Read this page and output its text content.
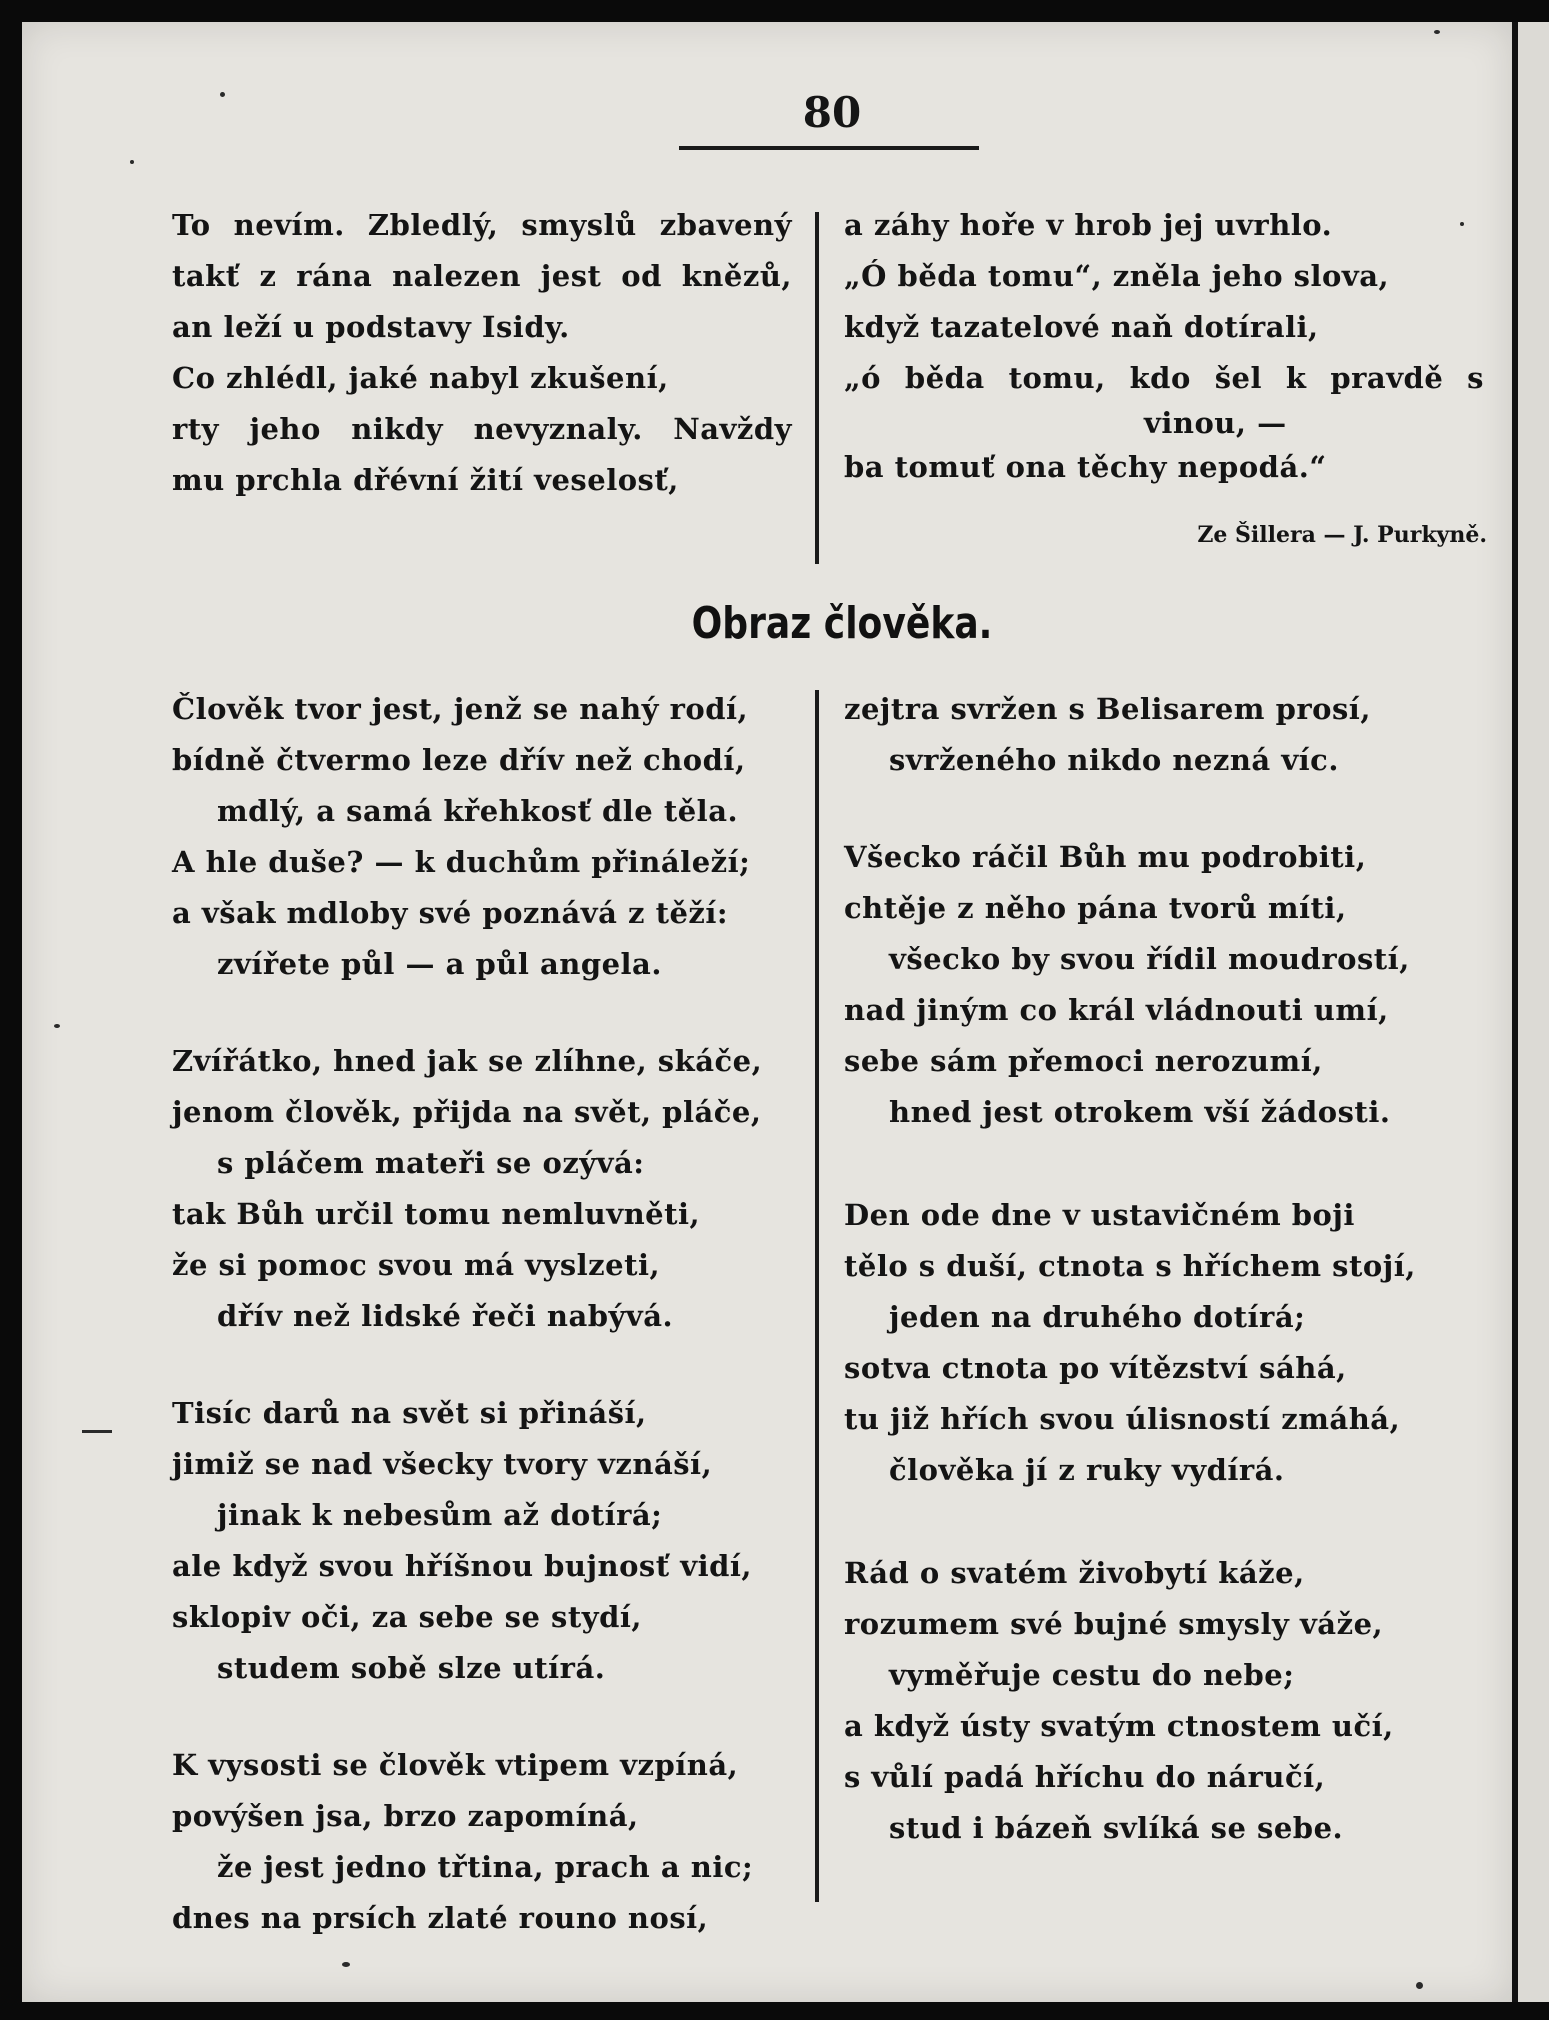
80
To nevím. Zbledlý, smyslů zbavený
takť z rána nalezen jest od knězů,
an leží u podstavy Isidy.
Co zhlédl, jaké nabyl zkušení,
rty jeho nikdy nevyznaly. Navždy
mu prchla dřévní žití veselosť,
a záhy hoře v hrob jej uvrhlo.
„Ó běda tomu“, zněla jeho slova,
když tazatelové naň dotírali,
„ó běda tomu, kdo šel k pravdě s
vinou, —
ba tomuť ona těchy nepodá.“
Ze Šillera — J. Purkyně.
Obraz člověka.
Člověk tvor jest, jenž se nahý rodí,
bídně čtvermo leze dřív než chodí,
mdlý, a samá křehkosť dle těla.
A hle duše? — k duchům přináleží;
a však mdloby své poznává z těží:
zvířete půl — a půl angela.
Zvířátko, hned jak se zlíhne, skáče,
jenom člověk, přijda na svět, pláče,
s pláčem mateři se ozývá:
tak Bůh určil tomu nemluvněti,
že si pomoc svou má vyslzeti,
dřív než lidské řeči nabývá.
Tisíc darů na svět si přináší,
jimiž se nad všecky tvory vznáší,
jinak k nebesům až dotírá;
ale když svou hříšnou bujnosť vidí,
sklopiv oči, za sebe se stydí,
studem sobě slze utírá.
K vysosti se člověk vtipem vzpíná,
povýšen jsa, brzo zapomíná,
že jest jedno třtina, prach a nic;
dnes na prsích zlaté rouno nosí,
zejtra svržen s Belisarem prosí,
svrženého nikdo nezná víc.
Všecko ráčil Bůh mu podrobiti,
chtěje z něho pána tvorů míti,
všecko by svou řídil moudrostí,
nad jiným co král vládnouti umí,
sebe sám přemoci nerozumí,
hned jest otrokem vší žádosti.
Den ode dne v ustavičném boji
tělo s duší, ctnota s hříchem stojí,
jeden na druhého dotírá;
sotva ctnota po vítězství sáhá,
tu již hřích svou úlisností zmáhá,
člověka jí z ruky vydírá.
Rád o svatém živobytí káže,
rozumem své bujné smysly váže,
vyměřuje cestu do nebe;
a když ústy svatým ctnostem učí,
s vůlí padá hříchu do náručí,
stud i bázeň svlíká se sebe.
